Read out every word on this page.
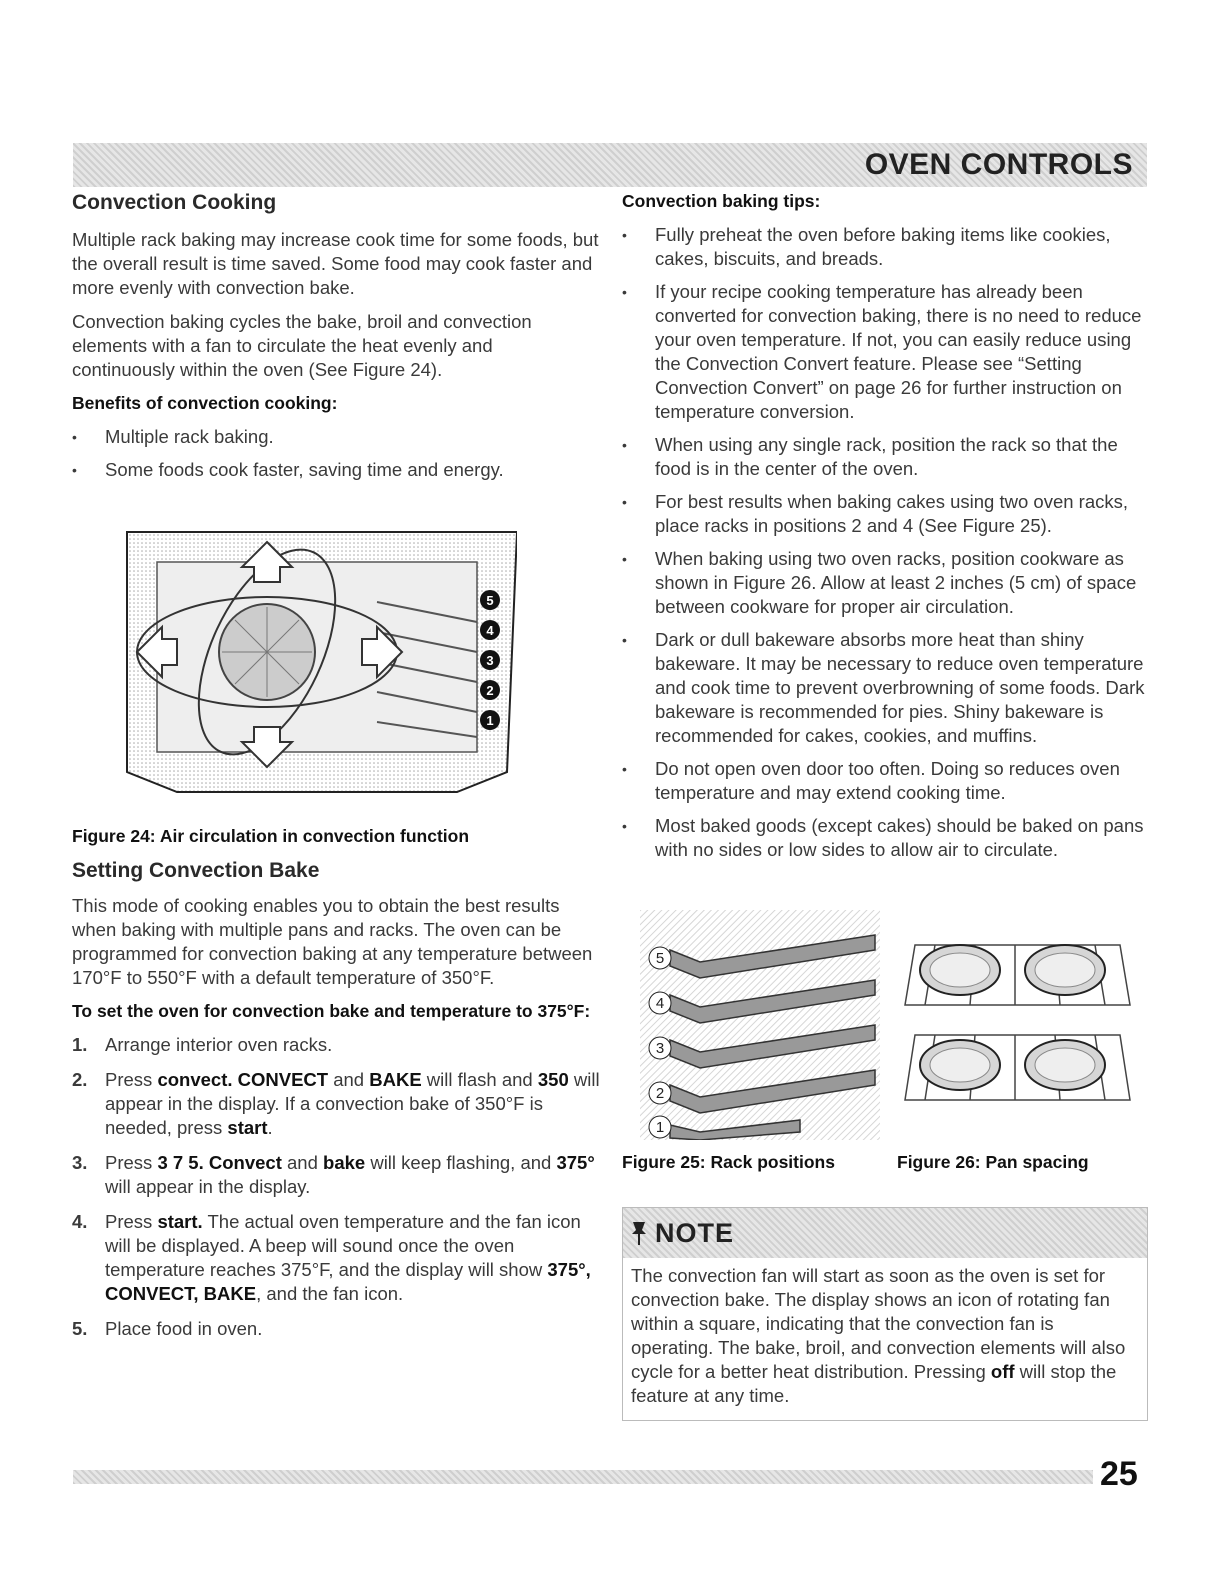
OVEN CONTROLS
Convection Cooking

Multiple rack baking may increase cook time for some foods, but the overall result is time saved. Some food may cook faster and more evenly with convection bake.

Convection baking cycles the bake, broil and convection elements with a fan to circulate the heat evenly and continuously within the oven (See Figure 24).

Benefits of convection cooking:
• Multiple rack baking.
• Some foods cook faster, saving time and energy.
5
4
3
2
1
Figure 24: Air circulation in convection function
Setting Convection Bake

This mode of cooking enables you to obtain the best results when baking with multiple pans and racks. The oven can be programmed for convection baking at any temperature between 170°F to 550°F with a default temperature of 350°F.

To set the oven for convection bake and temperature to 375°F:
1. Arrange interior oven racks.
2. Press convect. CONVECT and BAKE will flash and 350 will appear in the display. If a convection bake of 350°F is needed, press start.
3. Press 3 7 5. Convect and bake will keep flashing, and 375° will appear in the display.
4. Press start. The actual oven temperature and the fan icon will be displayed. A beep will sound once the oven temperature reaches 375°F, and the display will show 375°, CONVECT, BAKE, and the fan icon.
5. Place food in oven.
Convection baking tips:
• Fully preheat the oven before baking items like cookies, cakes, biscuits, and breads.
• If your recipe cooking temperature has already been converted for convection baking, there is no need to reduce your oven temperature. If not, you can easily reduce using the Convection Convert feature. Please see “Setting Convection Convert” on page 26 for further instruction on temperature conversion.
• When using any single rack, position the rack so that the food is in the center of the oven.
• For best results when baking cakes using two oven racks, place racks in positions 2 and 4 (See Figure 25).
• When baking using two oven racks, position cookware as shown in Figure 26. Allow at least 2 inches (5 cm) of space between cookware for proper air circulation.
• Dark or dull bakeware absorbs more heat than shiny bakeware. It may be necessary to reduce oven temperature and cook time to prevent overbrowning of some foods. Dark bakeware is recommended for pies. Shiny bakeware is recommended for cakes, cookies, and muffins.
• Do not open oven door too often. Doing so reduces oven temperature and may extend cooking time.
• Most baked goods (except cakes) should be baked on pans with no sides or low sides to allow air to circulate.
5
4
3
2
1
Figure 25: Rack positions	Figure 26: Pan spacing
NOTE
The convection fan will start as soon as the oven is set for convection bake. The display shows an icon of rotating fan within a square, indicating that the convection fan is operating. The bake, broil, and convection elements will also cycle for a better heat distribution. Pressing off will stop the feature at any time.
25
